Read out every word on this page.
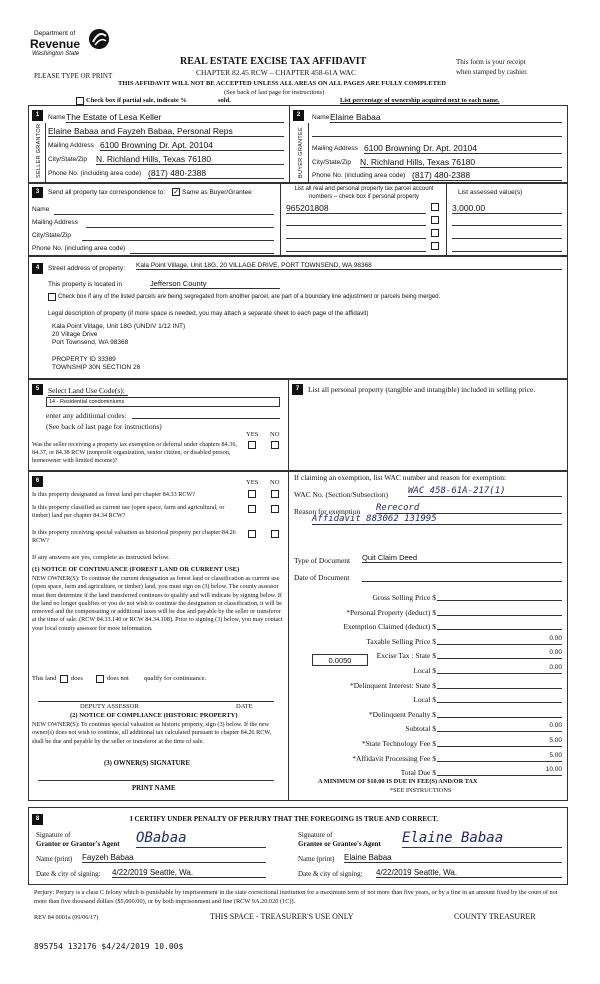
Department of
Revenue
Washington State
REAL ESTATE EXCISE TAX AFFIDAVIT
CHAPTER 82.45 RCW – CHAPTER 458-61A WAC
PLEASE TYPE OR PRINT
This form is your receipt
when stamped by cashier.
THIS AFFIDAVIT WILL NOT BE ACCEPTED UNLESS ALL AREAS ON ALL PAGES ARE FULLY COMPLETED
(See back of last page for instructions)
Check box if partial sale, indicate %	sold.	List percentage of ownership acquired next to each name.
1
SELLER GRANTOR
Name The Estate of Lesa Keller
Elaine Babaa and Fayzeh Babaa, Personal Reps
Mailing Address 6100 Browning Dr. Apt. 20104
City/State/Zip N. Richland Hills, Texas 76180
Phone No. (including area code) (817) 480-2388
2
BUYER GRANTEE
Name Elaine Babaa
Mailing Address 6100 Browning Dr. Apt. 20104
City/State/Zip N. Richland Hills, Texas 76180
Phone No. (including area code) (817) 480-2388
3	Send all property tax correspondence to: ✓ Same as Buyer/Grantee
Name
Mailing Address
City/State/Zip
Phone No. (including area code)
List all real and personal property tax parcel account numbers – check box if personal property
List assessed value(s)
965201808	3,000.00
4	Street address of property: Kala Point Village, Unit 18G, 20 VILLAGE DRIVE, PORT TOWNSEND, WA 98368
This property is located in	Jefferson County
Check box if any of the listed parcels are being segregated from another parcel, are part of a boundary line adjustment or parcels being merged.
Legal description of property (if more space is needed, you may attach a separate sheet to each page of the affidavit)
Kala Point Village, Unit 18G (UNDIV 1/12 INT)
20 Village Drive
Port Townsend, WA 98368
PROPERTY ID 33389
TOWNSHIP 30N SECTION 26
5	Select Land Use Code(s):
14 - Residential condominiums
enter any additional codes:
(See back of last page for instructions)
YES NO
Was the seller receiving a property tax exemption or deferral under chapters 84.36, 84.37, or 84.38 RCW (nonprofit organization, senior citizen, or disabled person, homeowner with limited income)?
7	List all personal property (tangible and intangible) included in selling price.
6	YES NO
Is this property designated as forest land per chapter 84.33 RCW?
Is this property classified as current use (open space, farm and agricultural, or timber) land per chapter 84.34 RCW?
Is this property receiving special valuation as historical property per chapter 84.26 RCW?
If any answers are yes, complete as instructed below.
(1) NOTICE OF CONTINUANCE (FOREST LAND OR CURRENT USE)
NEW OWNER(S): To continue the current designation as forest land or classification as current use (open space, farm and agriculture, or timber) land, you must sign on (3) below. The county assessor must then determine if the land transferred continues to qualify and will indicate by signing below. If the land no longer qualifies or you do not wish to continue the designation or classification, it will be removed and the compensating or additional taxes will be due and payable by the seller or transferor at the time of sale. (RCW 84.33.140 or RCW 84.34.108). Prior to signing (3) below, you may contact your local county assessor for more information.
This land does	does not qualify for continuance.
DEPUTY ASSESSOR	DATE
(2) NOTICE OF COMPLIANCE (HISTORIC PROPERTY)
NEW OWNER(S): To continue special valuation as historic property, sign (3) below. If the new owner(s) does not wish to continue, all additional tax calculated pursuant to chapter 84.26 RCW, shall be due and payable by the seller or transferor at the time of sale.
(3) OWNER(S) SIGNATURE
PRINT NAME
If claiming an exemption, list WAC number and reason for exemption:
WAC No. (Section/Subsection) WAC 458-61A-217(1)
Reason for exemption Rerecord
Affidavit 883062 131995
Type of Document Quit Claim Deed
Date of Document
Gross Selling Price $
*Personal Property (deduct) $
Exemption Claimed (deduct) $
Taxable Selling Price $	0.00
Excise Tax : State $	0.00
Local $	0.00
*Delinquent Interest: State $
Local $
*Delinquent Penalty $
Subtotal $	0.00
*State Technology Fee $	5.00
*Affidavit Processing Fee $	5.00
Total Due $	10.00
0.0050
A MINIMUM OF $10.00 IS DUE IN FEE(S) AND/OR TAX
*SEE INSTRUCTIONS
8	I CERTIFY UNDER PENALTY OF PERJURY THAT THE FOREGOING IS TRUE AND CORRECT.
Signature of
Grantor or Grantor's Agent OBabaa
Name (print) Fayzeh Babaa
Date & city of signing: 4/22/2019 Seattle, Wa.
Signature of
Grantee or Grantee's Agent Elaine Babaa
Name (print) Elaine Babaa
Date & city of signing: 4/22/2019 Seattle, Wa.
Perjury: Perjury is a class C felony which is punishable by imprisonment in the state correctional institution for a maximum term of not more than five years, or by a fine in an amount fixed by the court of not more than five thousand dollars ($5,000.00), or by both imprisonment and fine (RCW 9A.20.020 (1C)).
REV 84 0001a (09/06/17)	THIS SPACE - TREASURER'S USE ONLY	COUNTY TREASURER
895754 132176 $4/24/2019 10.00$
